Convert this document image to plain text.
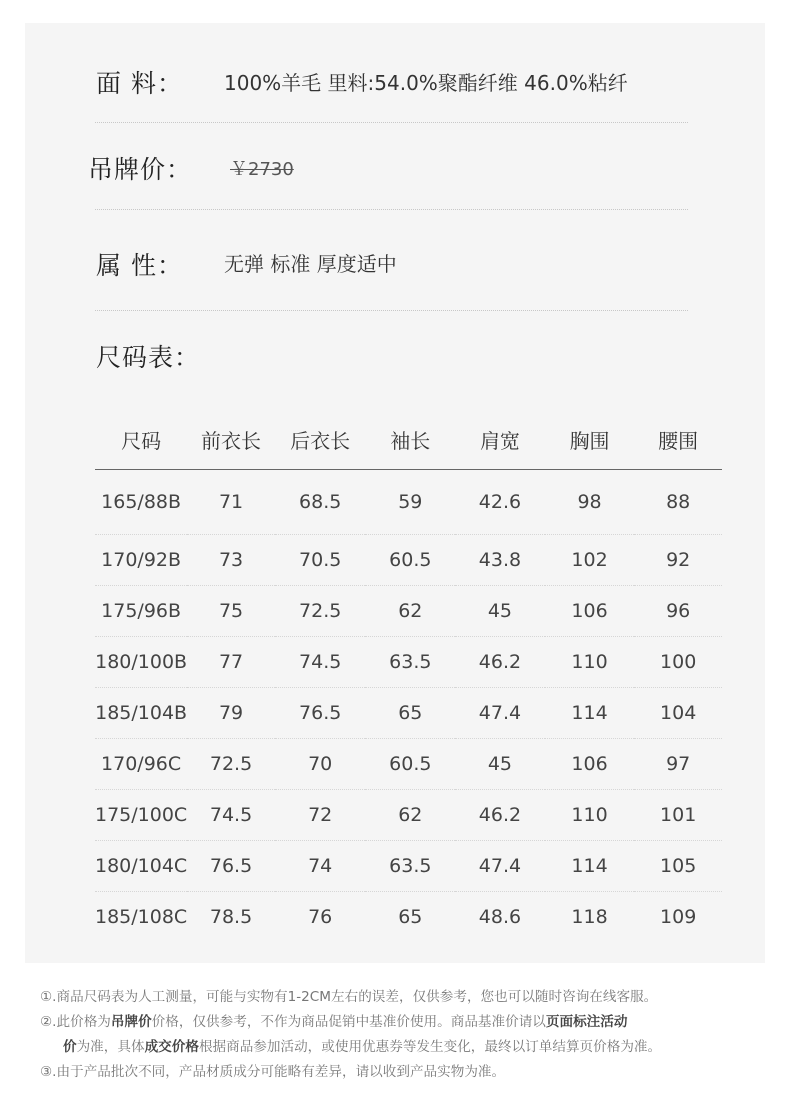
面 料： 100%羊毛 里料:54.0%聚酯纤维 46.0%粘纤
吊牌价： ￥2730
属 性： 无弹 标准 厚度适中
尺码表：
尺码	前衣长	后衣长	袖长	肩宽	胸围	腰围
165/88B	71	68.5	59	42.6	98	88
170/92B	73	70.5	60.5	43.8	102	92
175/96B	75	72.5	62	45	106	96
180/100B	77	74.5	63.5	46.2	110	100
185/104B	79	76.5	65	47.4	114	104
170/96C	72.5	70	60.5	45	106	97
175/100C	74.5	72	62	46.2	110	101
180/104C	76.5	74	63.5	47.4	114	105
185/108C	78.5	76	65	48.6	118	109
①.商品尺码表为人工测量，可能与实物有1-2CM左右的误差，仅供参考，您也可以随时咨询在线客服。
②.此价格为吊牌价价格，仅供参考，不作为商品促销中基准价使用。商品基准价请以页面标注活动
价为准，具体成交价格根据商品参加活动，或使用优惠券等发生变化，最终以订单结算页价格为准。
③.由于产品批次不同，产品材质成分可能略有差异，请以收到产品实物为准。
